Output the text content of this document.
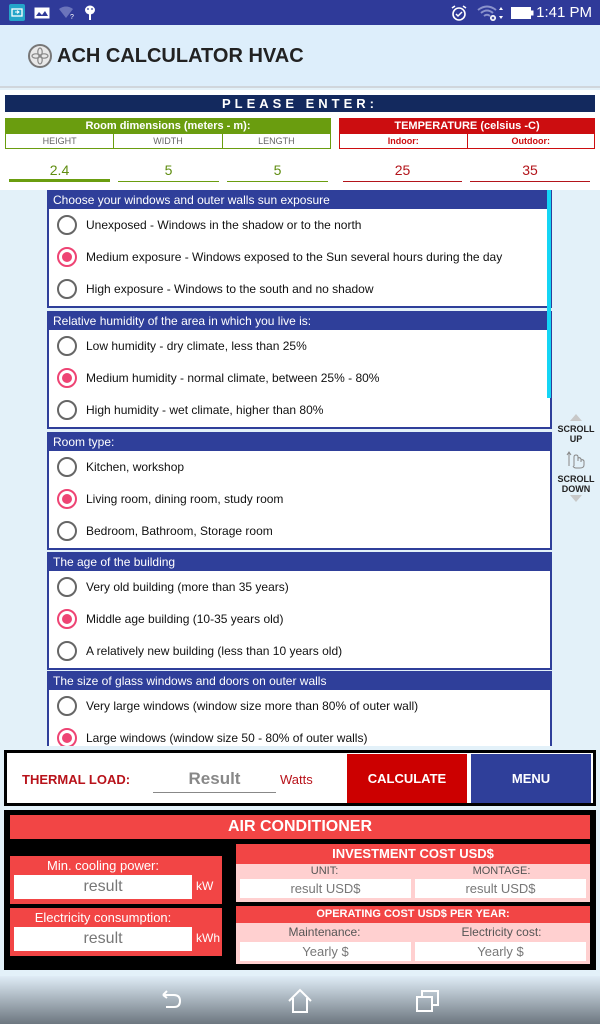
?	1:41 PM
ACH CALCULATOR HVAC
PLEASE ENTER:
Room dimensions (meters - m):
HEIGHT	WIDTH	LENGTH
TEMPERATURE (celsius -C)
Indoor:	Outdoor:
2.4	5	5	25	35
Choose your windows and outer walls sun exposure
Unexposed - Windows in the shadow or to the north
Medium exposure - Windows exposed to the Sun several hours during the day
High exposure - Windows to the south and no shadow
Relative humidity of the area in which you live is:
Low humidity - dry climate, less than 25%
Medium humidity - normal climate, between 25% - 80%
High humidity - wet climate, higher than 80%
Room type:
Kitchen, workshop
Living room, dining room, study room
Bedroom, Bathroom, Storage room
The age of the building
Very old building (more than 35 years)
Middle age building (10-35 years old)
A relatively new building (less than 10 years old)
The size of glass windows and doors on outer walls
Very large windows (window size more than 80% of outer wall)
Large windows (window size 50 - 80% of outer walls)
SCROLL
UP
SCROLL
DOWN
THERMAL LOAD:	Result	Watts	CALCULATE	MENU
AIR CONDITIONER
Min. cooling power:
result	kW
Electricity consumption:
result	kWh
INVESTMENT COST USD$
UNIT:	MONTAGE:
result USD$	result USD$
OPERATING COST USD$ PER YEAR:
Maintenance:	Electricity cost:
Yearly $	Yearly $
